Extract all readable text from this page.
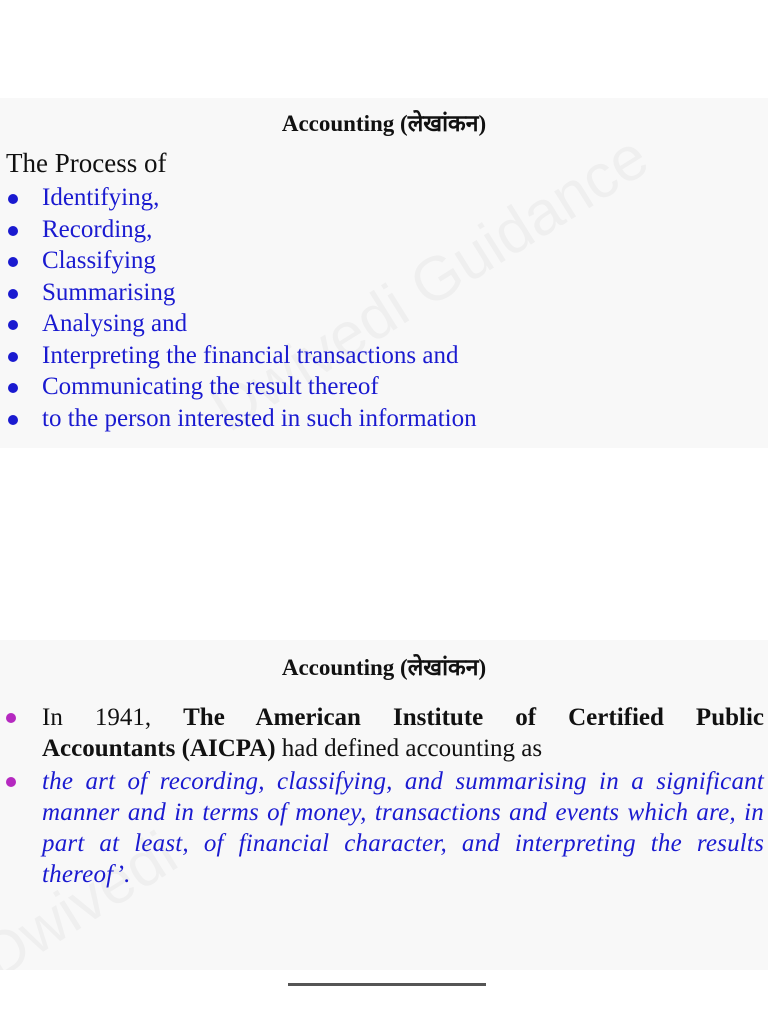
Accounting (लेखांकन)
The Process of
Identifying,
Recording,
Classifying
Summarising
Analysing and
Interpreting the financial transactions and
Communicating the result thereof
to the person interested in such information
Accounting (लेखांकन)
In 1941, The American Institute of Certified Public
Accountants (AICPA) had defined accounting as
the art of recording, classifying, and summarising in a significant manner and in terms of money, transactions and events which are, in part at least, of financial character, and interpreting the results thereof’.
